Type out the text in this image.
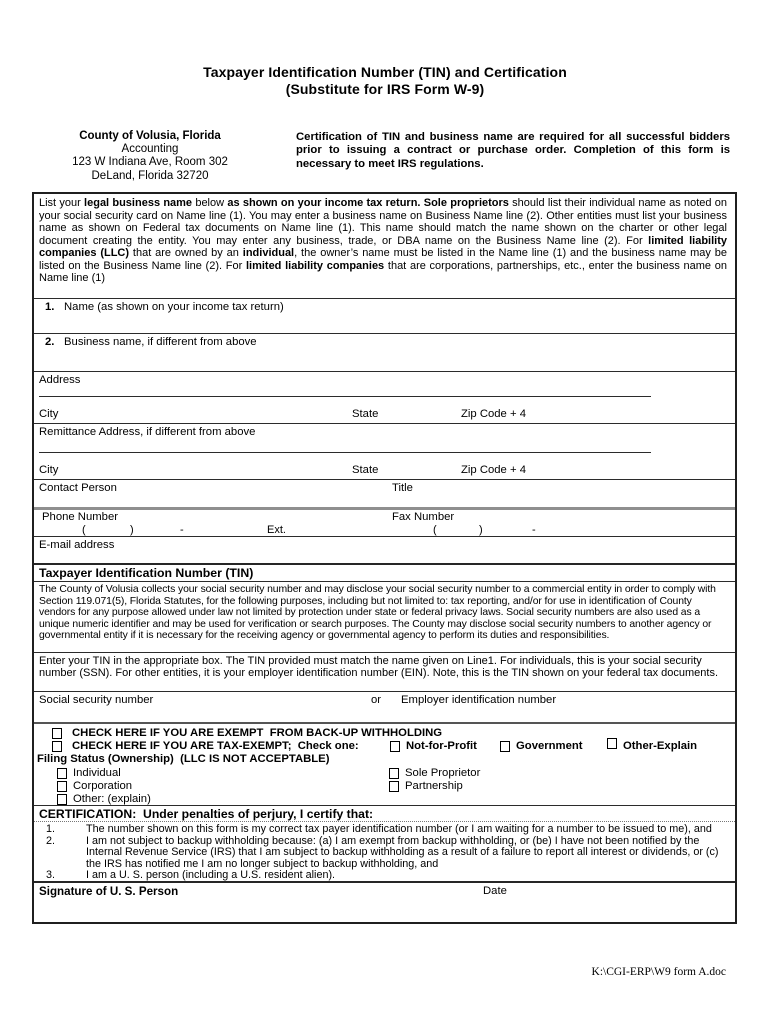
Taxpayer Identification Number (TIN) and Certification
(Substitute for IRS Form W-9)
County of Volusia, Florida
Accounting
123 W Indiana Ave, Room 302
DeLand, Florida 32720
Certification of TIN and business name are required for all successful bidders prior to issuing a contract or purchase order. Completion of this form is necessary to meet IRS regulations.
List your legal business name below as shown on your income tax return. Sole proprietors should list their individual name as noted on your social security card on Name line (1). You may enter a business name on Business Name line (2). Other entities must list your business name as shown on Federal tax documents on Name line (1). This name should match the name shown on the charter or other legal document creating the entity. You may enter any business, trade, or DBA name on the Business Name line (2). For limited liability companies (LLC) that are owned by an individual, the owner’s name must be listed in the Name line (1) and the business name may be listed on the Business Name line (2). For limited liability companies that are corporations, partnerships, etc., enter the business name on Name line (1)
1. Name (as shown on your income tax return)
2. Business name, if different from above
Address
City	State	Zip Code + 4
Remittance Address, if different from above
City	State	Zip Code + 4
Contact Person	Title
Phone Number	Fax Number
(	)	-	Ext.	(	)	-
E-mail address
Taxpayer Identification Number (TIN)
The County of Volusia collects your social security number and may disclose your social security number to a commercial entity in order to comply with Section 119.071(5), Florida Statutes, for the following purposes, including but not limited to: tax reporting, and/or for use in identification of County vendors for any purpose allowed under law not limited by protection under state or federal privacy laws. Social security numbers are also used as a unique numeric identifier and may be used for verification or search purposes. The County may disclose social security numbers to another agency or governmental entity if it is necessary for the receiving agency or governmental agency to perform its duties and responsibilities.
Enter your TIN in the appropriate box. The TIN provided must match the name given on Line1. For individuals, this is your social security number (SSN). For other entities, it is your employer identification number (EIN). Note, this is the TIN shown on your federal tax documents.
Social security number	or Employer identification number
CHECK HERE IF YOU ARE EXEMPT  FROM BACK-UP WITHHOLDING
CHECK HERE IF YOU ARE TAX-EXEMPT;  Check one:	Not-for-Profit	Government	Other-Explain
Filing Status (Ownership)  (LLC IS NOT ACCEPTABLE)
Individual	Sole Proprietor
Corporation	Partnership
Other: (explain)
CERTIFICATION:  Under penalties of perjury, I certify that:
1.	The number shown on this form is my correct tax payer identification number (or I am waiting for a number to be issued to me), and
2.	I am not subject to backup withholding because: (a) I am exempt from backup withholding, or (be) I have not been notified by the Internal Revenue Service (IRS) that I am subject to backup withholding as a result of a failure to report all interest or dividends, or (c) the IRS has notified me I am no longer subject to backup withholding, and
3.	I am a U. S. person (including a U.S. resident alien).
Signature of U. S. Person	Date
K:\CGI-ERP\W9 form A.doc
